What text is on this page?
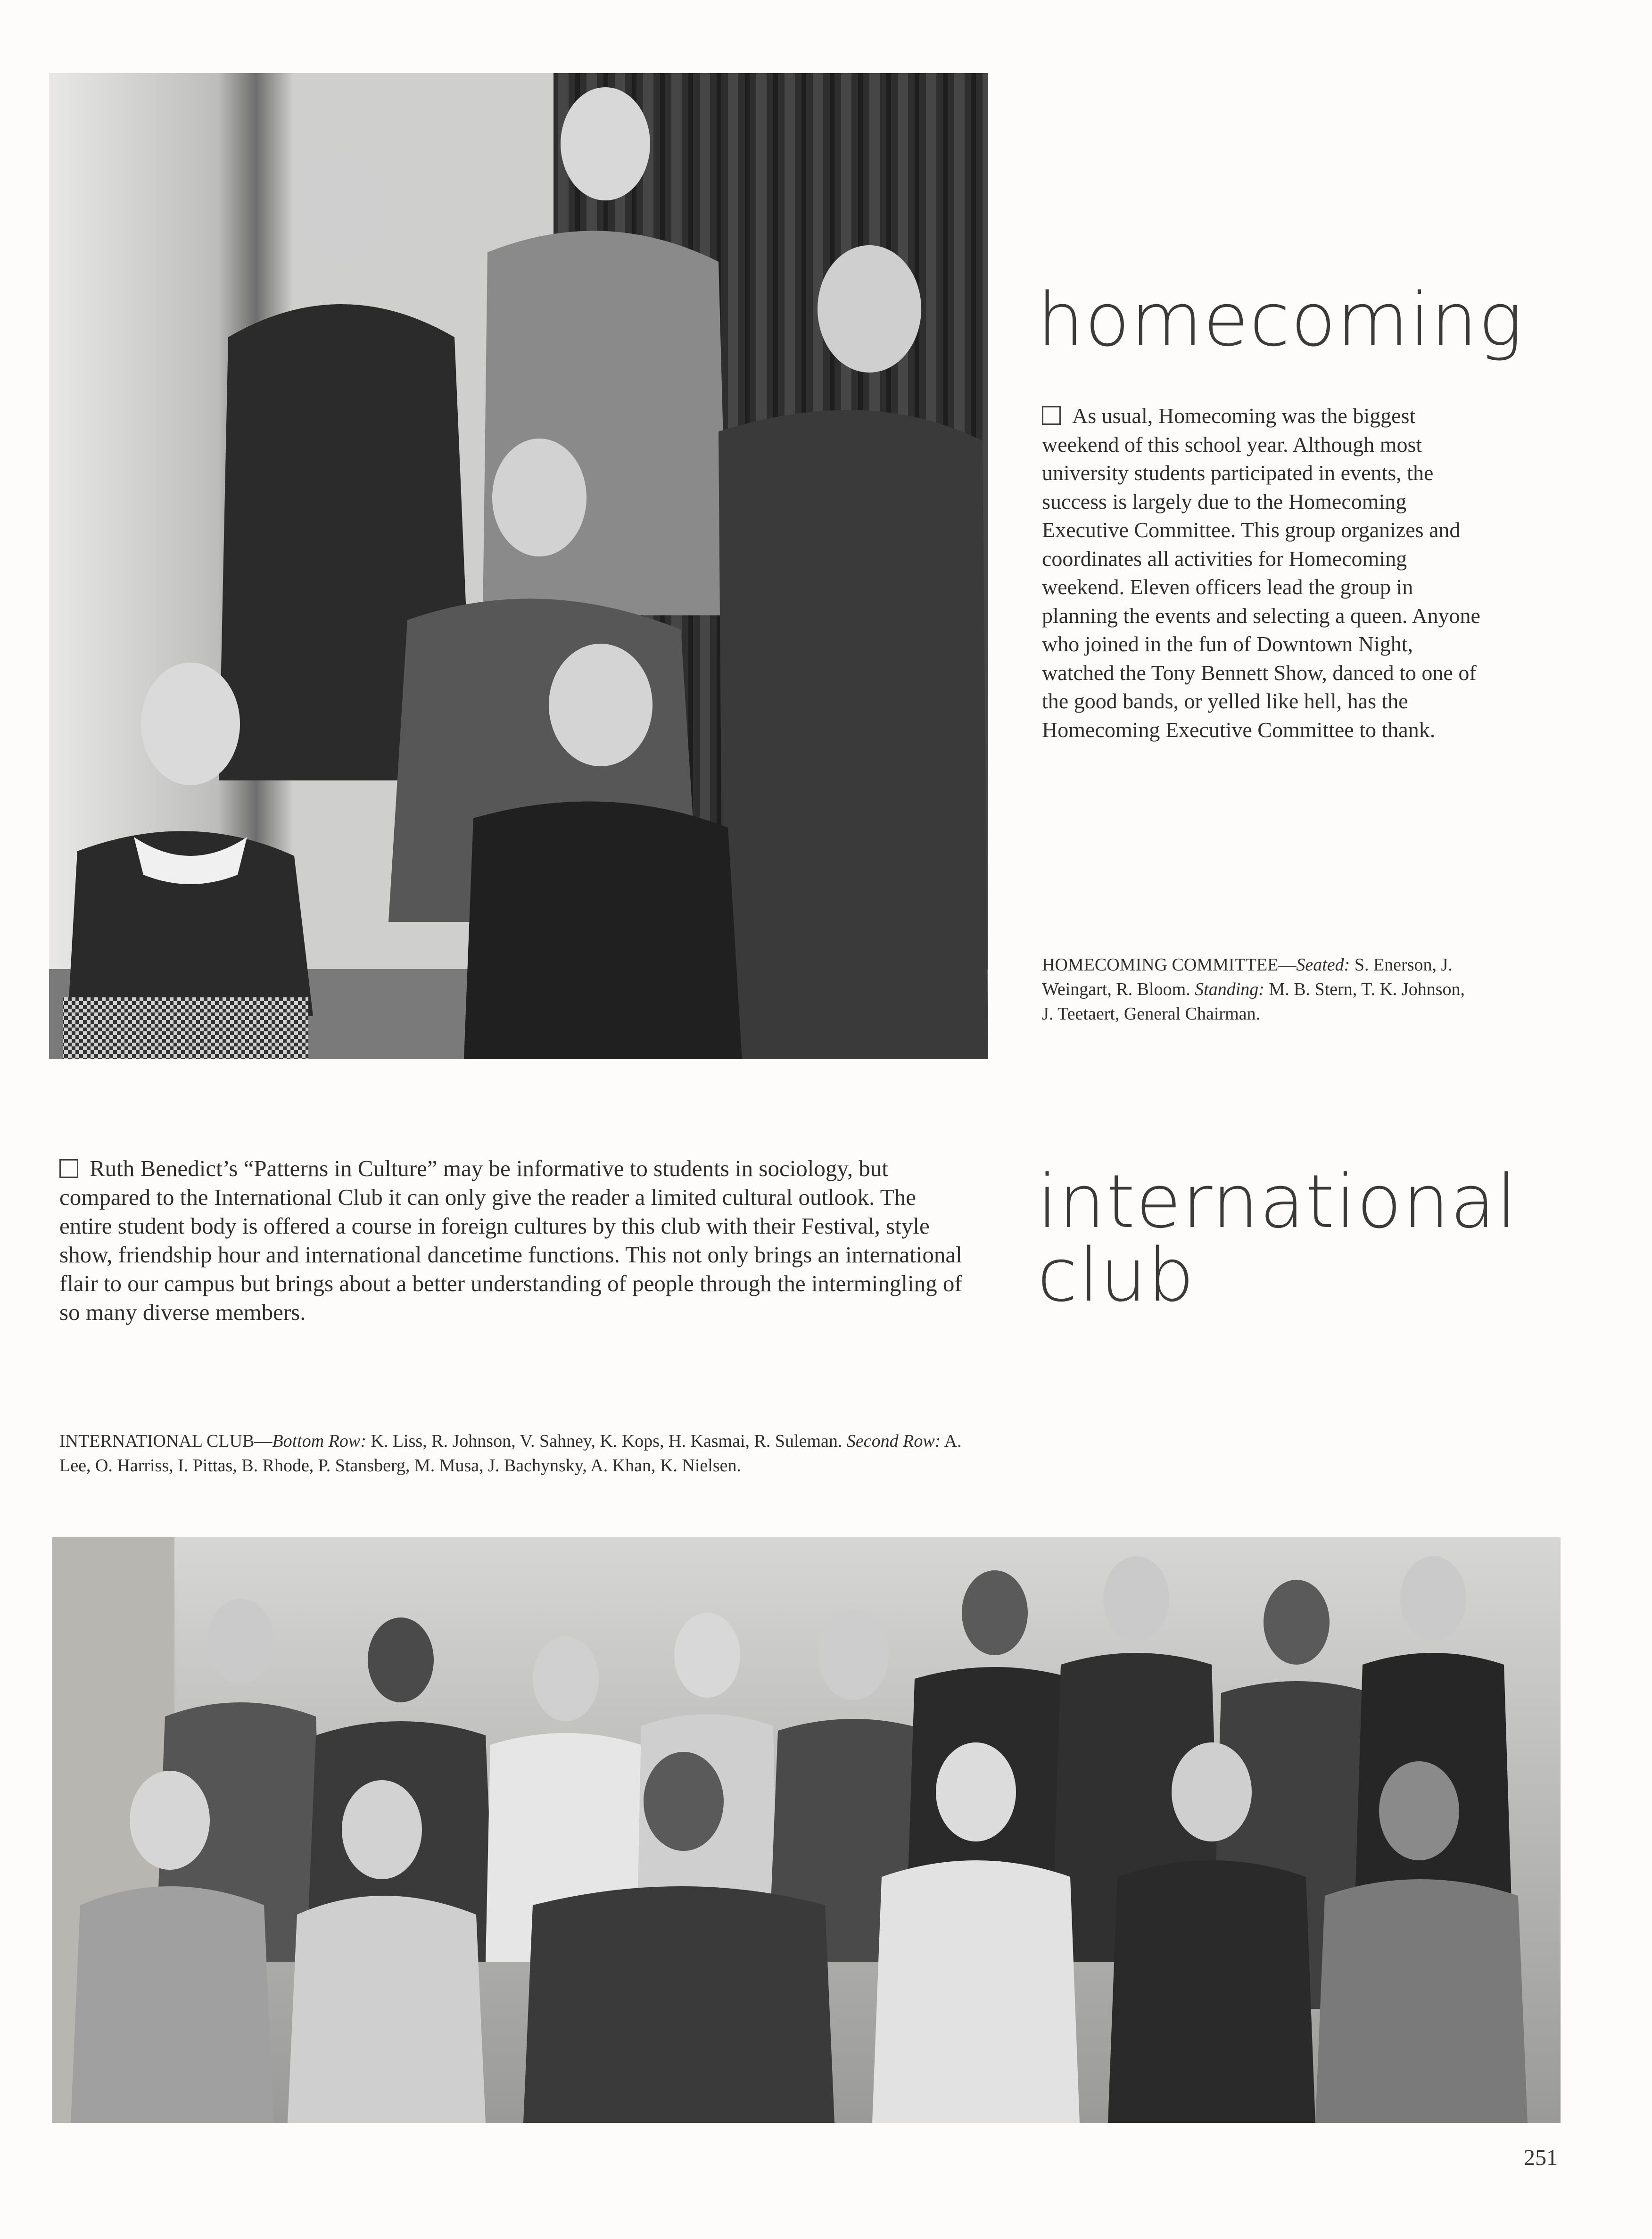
homecoming
As usual, Homecoming was the biggest weekend of this school year. Although most university students participated in events, the success is largely due to the Homecoming Executive Committee. This group organizes and coordinates all activities for Homecoming weekend. Eleven officers lead the group in planning the events and selecting a queen. Anyone who joined in the fun of Downtown Night, watched the Tony Bennett Show, danced to one of the good bands, or yelled like hell, has the Homecoming Executive Committee to thank.
HOMECOMING COMMITTEE—Seated: S. Enerson, J. Weingart, R. Bloom. Standing: M. B. Stern, T. K. Johnson, J. Teetaert, General Chairman.
Ruth Benedict’s “Patterns in Culture” may be informative to students in sociology, but compared to the International Club it can only give the reader a limited cultural outlook. The entire student body is offered a course in foreign cultures by this club with their Festival, style show, friendship hour and international dancetime functions. This not only brings an international flair to our campus but brings about a better understanding of people through the intermingling of so many diverse members.
international
club
INTERNATIONAL CLUB—Bottom Row: K. Liss, R. Johnson, V. Sahney, K. Kops, H. Kasmai, R. Suleman. Second Row: A. Lee, O. Harriss, I. Pittas, B. Rhode, P. Stansberg, M. Musa, J. Bachynsky, A. Khan, K. Nielsen.
251
